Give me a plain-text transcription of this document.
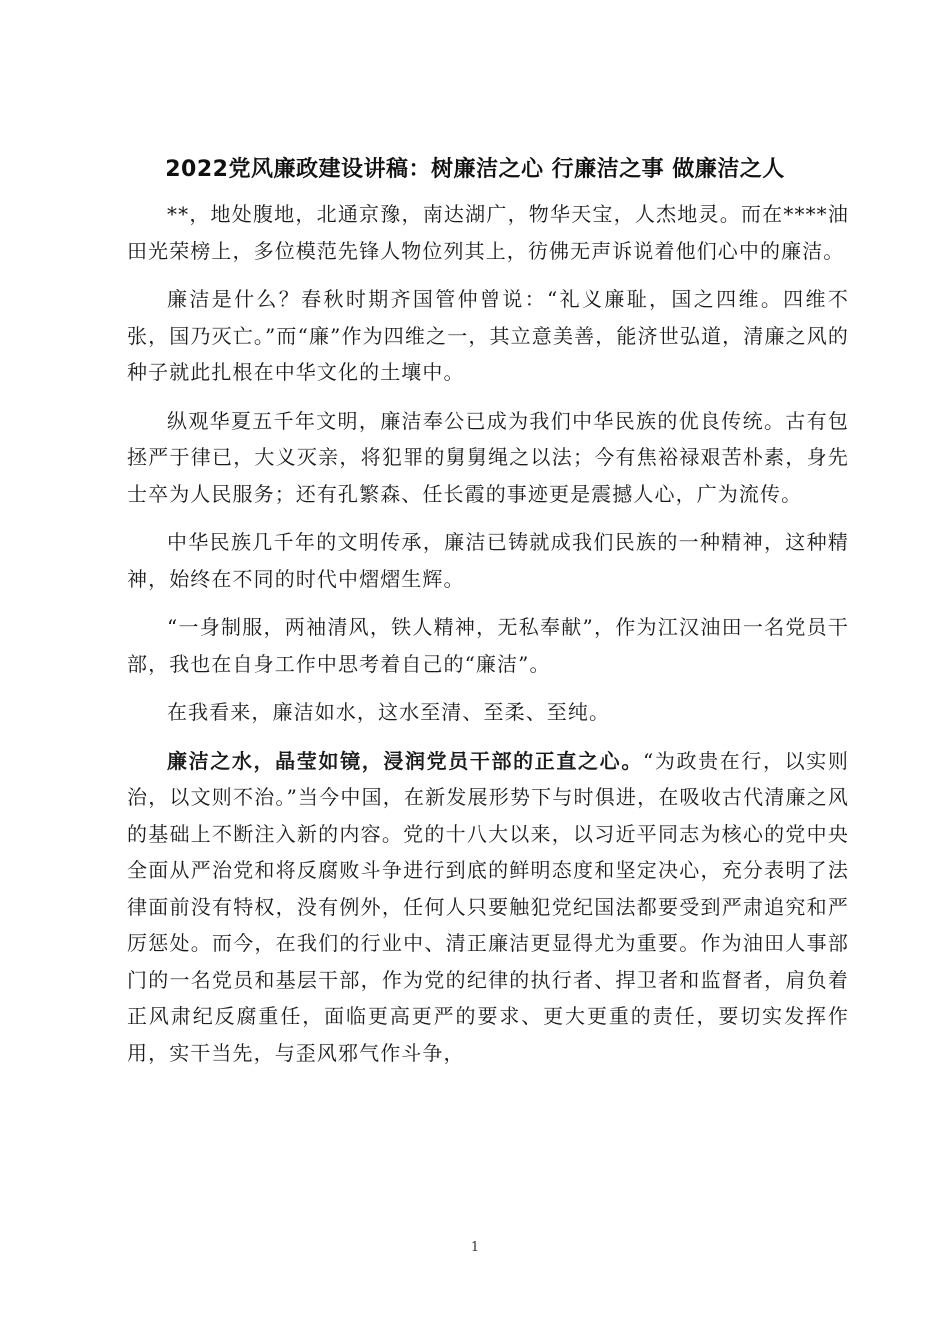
2022党风廉政建设讲稿：树廉洁之心 行廉洁之事 做廉洁之人

**，地处腹地，北通京豫，南达湖广，物华天宝，人杰地灵。而在****油田光荣榜上，多位模范先锋人物位列其上，彷佛无声诉说着他们心中的廉洁。

廉洁是什么？春秋时期齐国管仲曾说：“礼义廉耻，国之四维。四维不张，国乃灭亡。”而“廉”作为四维之一，其立意美善，能济世弘道，清廉之风的种子就此扎根在中华文化的土壤中。

纵观华夏五千年文明，廉洁奉公已成为我们中华民族的优良传统。古有包拯严于律已，大义灭亲，将犯罪的舅舅绳之以法；今有焦裕禄艰苦朴素，身先士卒为人民服务；还有孔繁森、任长霞的事迹更是震撼人心，广为流传。

中华民族几千年的文明传承，廉洁已铸就成我们民族的一种精神，这种精神，始终在不同的时代中熠熠生辉。

“一身制服，两袖清风，铁人精神，无私奉献”，作为江汉油田一名党员干部，我也在自身工作中思考着自己的“廉洁”。

在我看来，廉洁如水，这水至清、至柔、至纯。

廉洁之水，晶莹如镜，浸润党员干部的正直之心。“为政贵在行，以实则治，以文则不治。”当今中国，在新发展形势下与时俱进，在吸收古代清廉之风的基础上不断注入新的内容。党的十八大以来，以习近平同志为核心的党中央全面从严治党和将反腐败斗争进行到底的鲜明态度和坚定决心，充分表明了法律面前没有特权，没有例外，任何人只要触犯党纪国法都要受到严肃追究和严厉惩处。而今，在我们的行业中、清正廉洁更显得尤为重要。作为油田人事部门的一名党员和基层干部，作为党的纪律的执行者、捍卫者和监督者，肩负着正风肃纪反腐重任，面临更高更严的要求、更大更重的责任，要切实发挥作用，实干当先，与歪风邪气作斗争，

1
